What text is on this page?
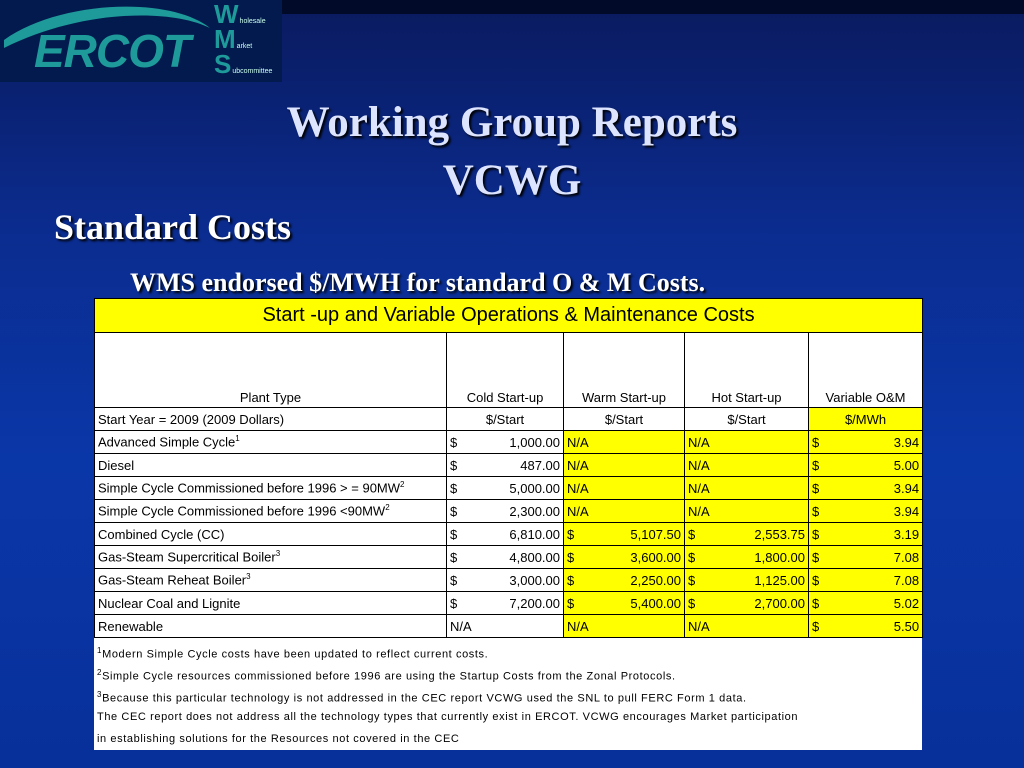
ERCOT
Wholesale
Market
Subcommittee
Working Group Reports
VCWG
Standard Costs
WMS endorsed $/MWH for standard O & M Costs.
Start -up and Variable Operations & Maintenance Costs				
Plant Type	Cold Start-up	Warm Start-up	Hot Start-up	Variable O&M
Start Year = 2009 (2009 Dollars)	$/Start	$/Start	$/Start	$/MWh
Advanced Simple Cycle$^1$	$ 1,000.00	N/A	N/A	$ 3.94

Diesel	$ 487.00	N/A	N/A	$ 5.00

Simple Cycle Commissioned before 1996 > = $90MW^2$	$ 5,000.00	N/A	N/A	$ 3.94

Simple Cycle Commissioned before $1996 <90MW^2$	$ 2,300.00	N/A	N/A	$ 3.94

Combined Cycle (CC)	$ 6,810.00	$ 5,107.50	$ 2,553.75	$ 3.19

Gas-Steam Supercritical Boiler$^3$	$ 4,800.00	$ 3,600.00	$ 1,800.00	$ 7.08

Gas-Steam Reheat Boiler$^3$	$ 3,000.00	$ 2,250.00	$ 1,125.00	$ 7.08

Nuclear Coal and Lignite	$ 7,200.00	$ 5,400.00	$ 2,700.00	$ 5.02

Renewable	N/A	N/A	N/A	$ 5.50
$^1$Modern Simple Cycle costs have been updated to reflect current costs.
$^2$Simple Cycle resources commissioned before 1996 are using the Startup Costs from the Zonal Protocols.
$^3$Because this particular technology is not addressed in the CEC report VCWG used the SNL to pull FERC Form 1 data.
The CEC report does not address all the technology types that currently exist in ERCOT. VCWG encourages Market participation
in establishing solutions for the Resources not covered in the CEC
